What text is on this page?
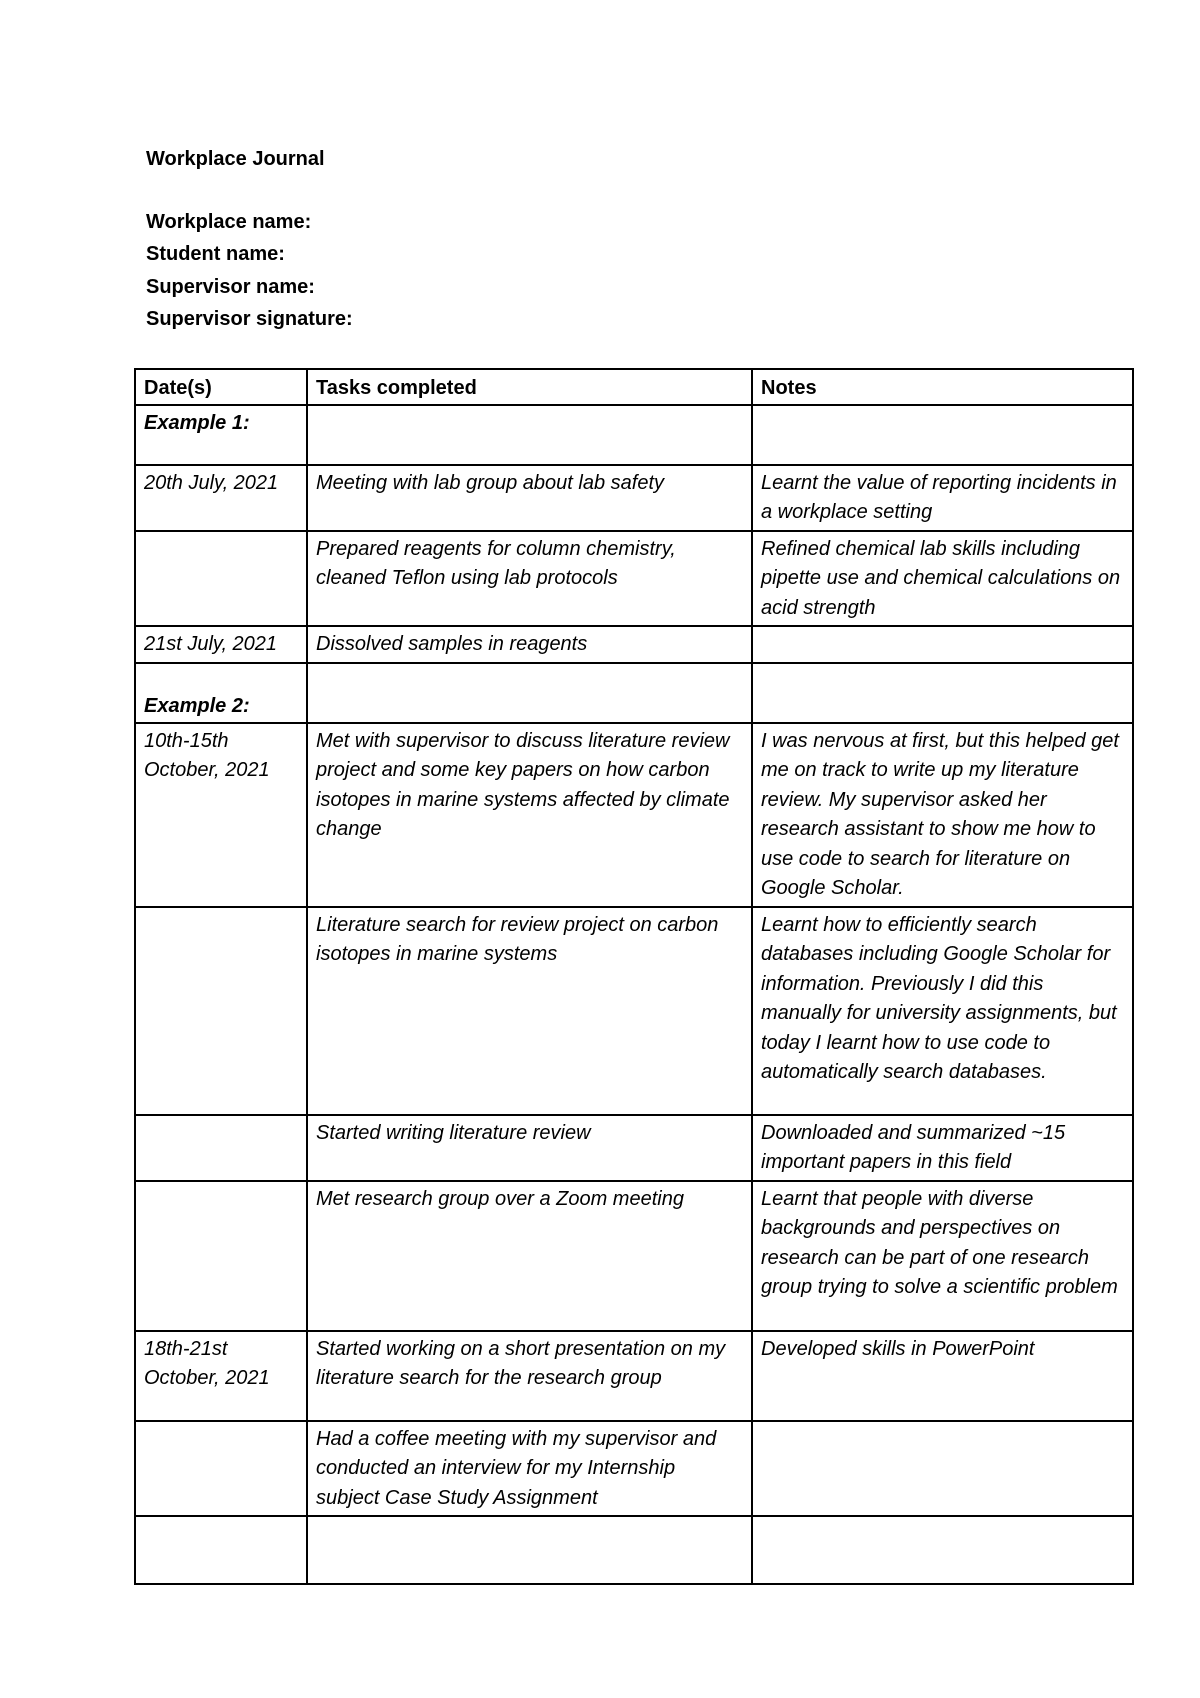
Workplace Journal
Workplace name:
Student name:
Supervisor name:
Supervisor signature:
Date(s)	Tasks completed	Notes
Example 1:		
20th July, 2021	Meeting with lab group about lab safety	Learnt the value of reporting incidents in a workplace setting
	Prepared reagents for column chemistry, cleaned Teflon using lab protocols	Refined chemical lab skills including pipette use and chemical calculations on acid strength
21st July, 2021	Dissolved samples in reagents	
Example 2:		
10th-15th October, 2021	Met with supervisor to discuss literature review project and some key papers on how carbon isotopes in marine systems affected by climate change	I was nervous at first, but this helped get me on track to write up my literature review. My supervisor asked her research assistant to show me how to use code to search for literature on Google Scholar.
	Literature search for review project on carbon isotopes in marine systems	Learnt how to efficiently search databases including Google Scholar for information. Previously I did this manually for university assignments, but today I learnt how to use code to automatically search databases.
	Started writing literature review	Downloaded and summarized ~15 important papers in this field
	Met research group over a Zoom meeting	Learnt that people with diverse backgrounds and perspectives on research can be part of one research group trying to solve a scientific problem
18th-21st October, 2021	Started working on a short presentation on my literature search for the research group	Developed skills in PowerPoint
	Had a coffee meeting with my supervisor and conducted an interview for my Internship subject Case Study Assignment	
